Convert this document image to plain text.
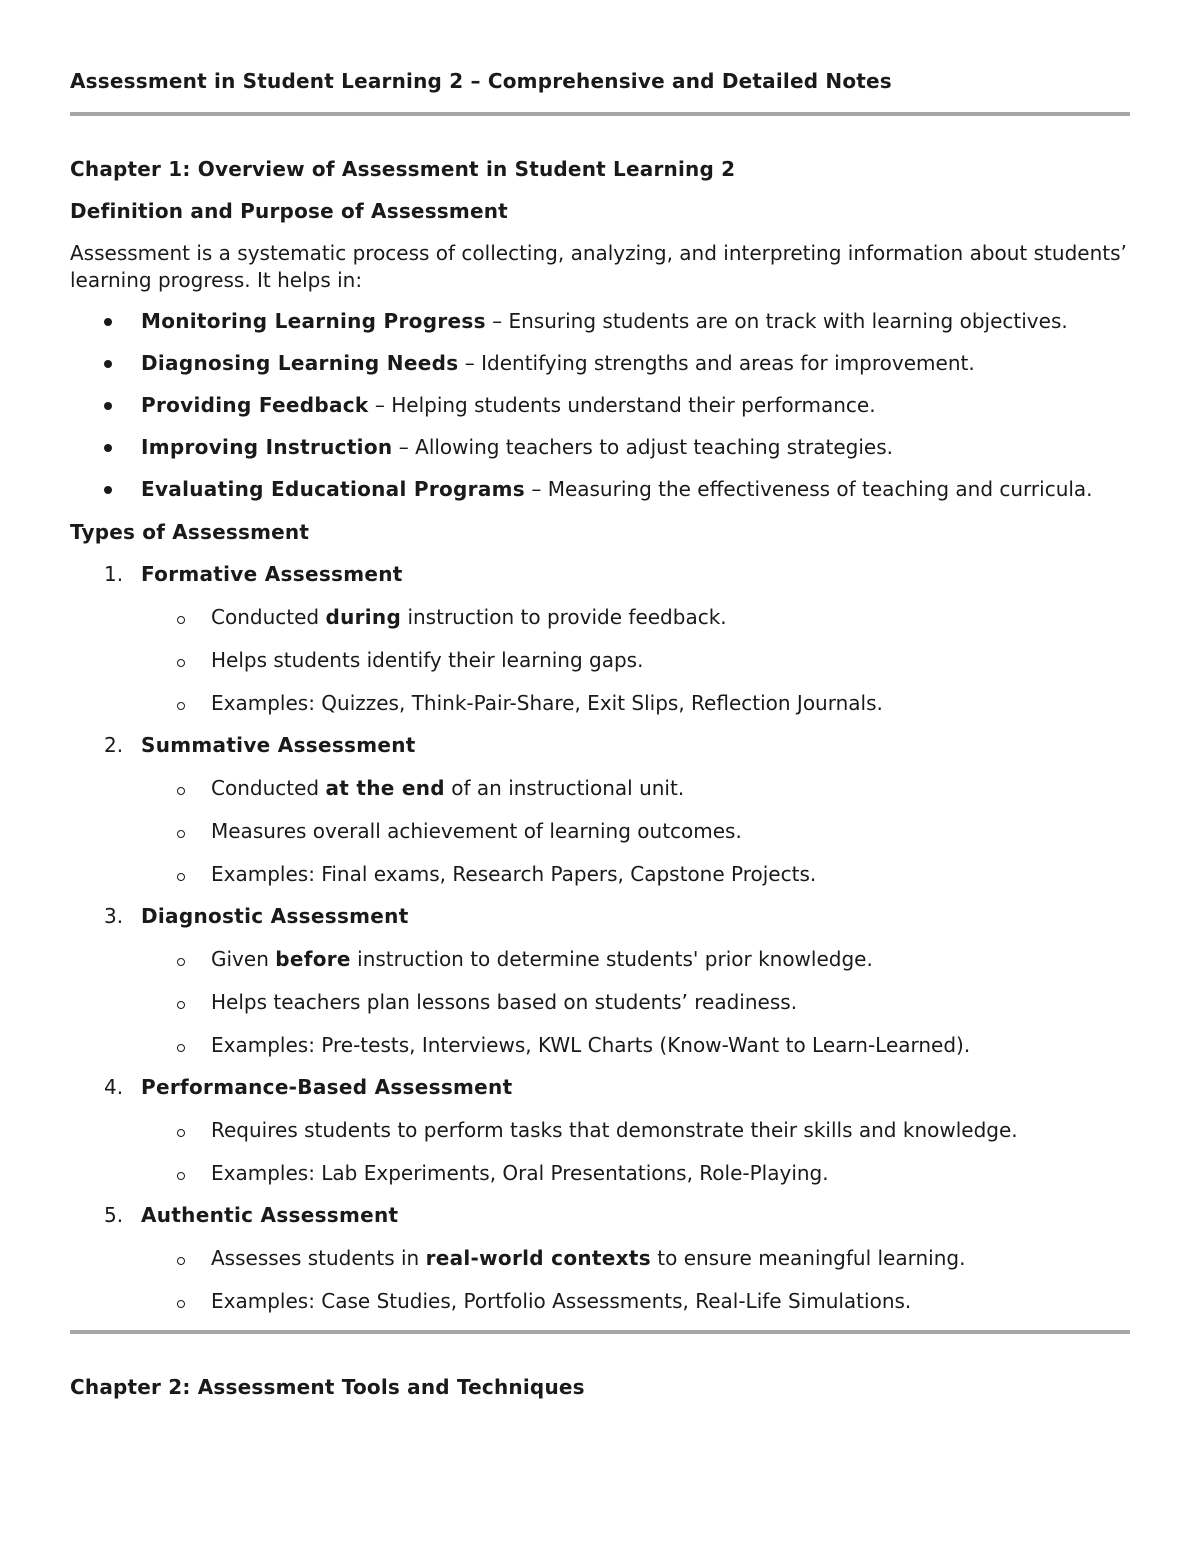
Assessment in Student Learning 2 – Comprehensive and Detailed Notes
Chapter 1: Overview of Assessment in Student Learning 2
Definition and Purpose of Assessment

Assessment is a systematic process of collecting, analyzing, and interpreting information about students’ learning progress. It helps in:

Monitoring Learning Progress – Ensuring students are on track with learning objectives.
Diagnosing Learning Needs – Identifying strengths and areas for improvement.
Providing Feedback – Helping students understand their performance.
Improving Instruction – Allowing teachers to adjust teaching strategies.
Evaluating Educational Programs – Measuring the effectiveness of teaching and curricula.
Types of Assessment
1. Formative Assessment
Conducted during instruction to provide feedback.
Helps students identify their learning gaps.
Examples: Quizzes, Think-Pair-Share, Exit Slips, Reflection Journals.
2. Summative Assessment
Conducted at the end of an instructional unit.
Measures overall achievement of learning outcomes.
Examples: Final exams, Research Papers, Capstone Projects.
3. Diagnostic Assessment
Given before instruction to determine students' prior knowledge.
Helps teachers plan lessons based on students’ readiness.
Examples: Pre-tests, Interviews, KWL Charts (Know-Want to Learn-Learned).
4. Performance-Based Assessment
Requires students to perform tasks that demonstrate their skills and knowledge.
Examples: Lab Experiments, Oral Presentations, Role-Playing.
5. Authentic Assessment
Assesses students in real-world contexts to ensure meaningful learning.
Examples: Case Studies, Portfolio Assessments, Real-Life Simulations.
Chapter 2: Assessment Tools and Techniques
